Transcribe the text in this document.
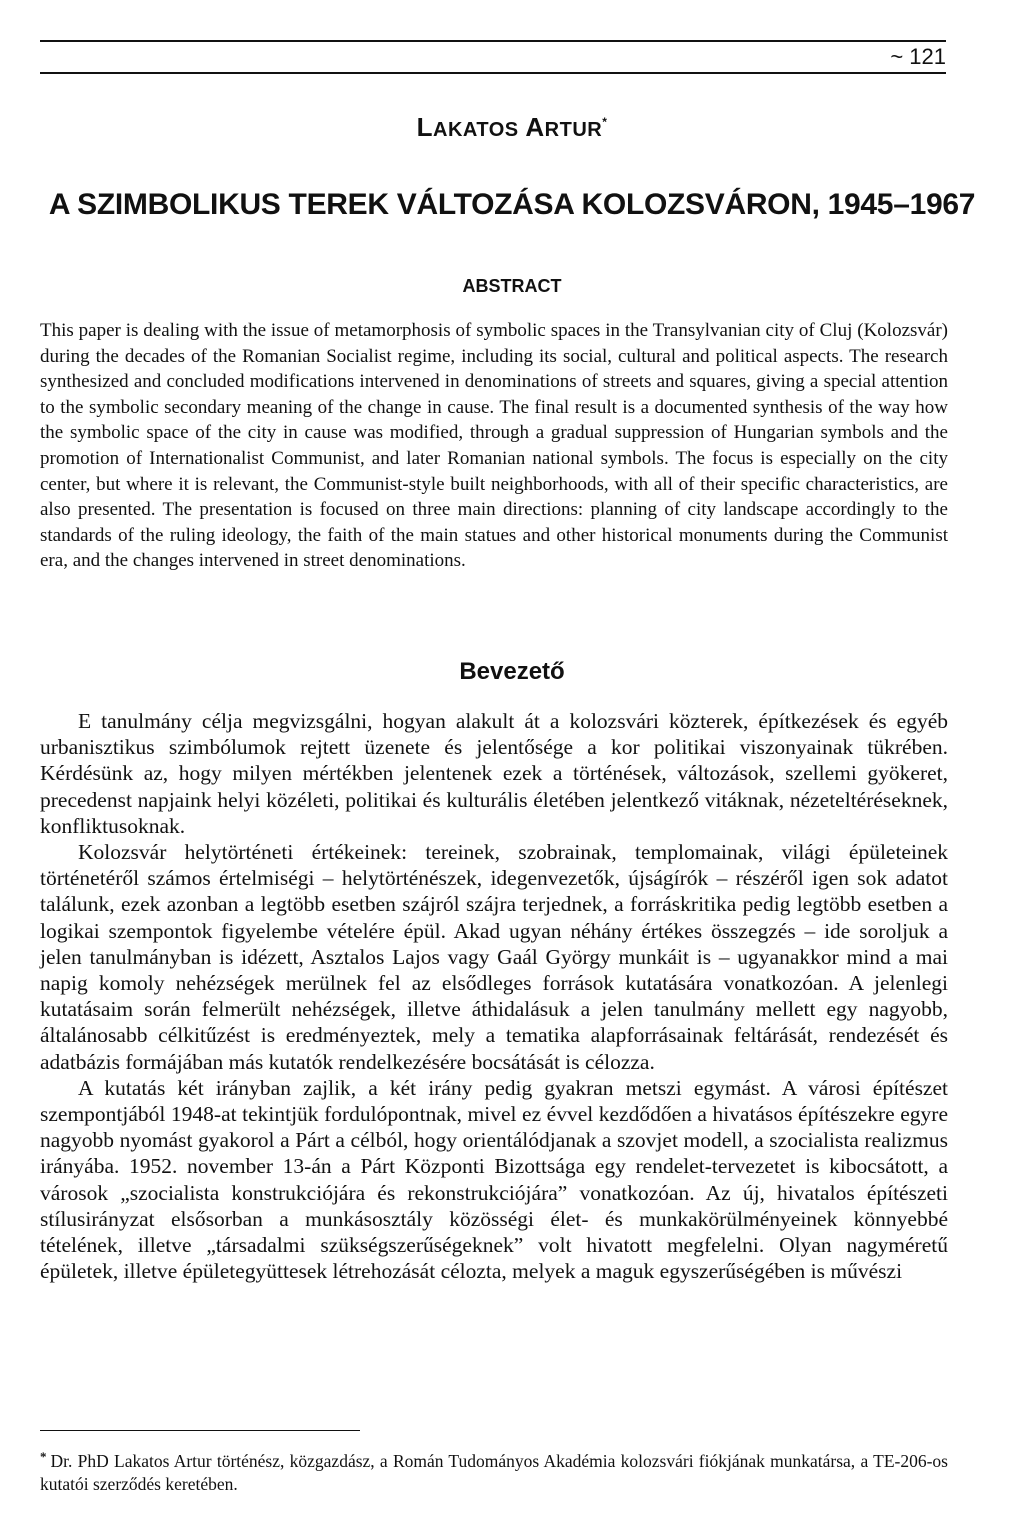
~ 121
LAKATOS ARTUR*
A SZIMBOLIKUS TEREK VÁLTOZÁSA KOLOZSVÁRON, 1945–1967
ABSTRACT

This paper is dealing with the issue of metamorphosis of symbolic spaces in the Transylvanian city of Cluj (Kolozsvár) during the decades of the Romanian Socialist regime, including its social, cultural and political aspects. The research synthesized and concluded modifications intervened in denominations of streets and squares, giving a special attention to the symbolic secondary meaning of the change in cause. The final result is a documented synthesis of the way how the symbolic space of the city in cause was modified, through a gradual suppression of Hungarian symbols and the promotion of Internationalist Communist, and later Romanian national symbols. The focus is especially on the city center, but where it is relevant, the Communist-style built neighborhoods, with all of their specific characteristics, are also presented. The presentation is focused on three main directions: planning of city landscape accordingly to the standards of the ruling ideology, the faith of the main statues and other historical monuments during the Communist era, and the changes intervened in street denominations.

Bevezető

E tanulmány célja megvizsgálni, hogyan alakult át a kolozsvári közterek, építkezések és egyéb urbanisztikus szimbólumok rejtett üzenete és jelentősége a kor politikai viszonyainak tükrében. Kérdésünk az, hogy milyen mértékben jelentenek ezek a történések, változások, szellemi gyökeret, precedenst napjaink helyi közéleti, politikai és kulturális életében jelentkező vitáknak, nézeteltéréseknek, konfliktusoknak.

Kolozsvár helytörténeti értékeinek: tereinek, szobrainak, templomainak, világi épületeinek történetéről számos értelmiségi – helytörténészek, idegenvezetők, újságírók – részéről igen sok adatot találunk, ezek azonban a legtöbb esetben szájról szájra terjednek, a forráskritika pedig legtöbb esetben a logikai szempontok figyelembe vételére épül. Akad ugyan néhány értékes összegzés – ide soroljuk a jelen tanulmányban is idézett, Asztalos Lajos vagy Gaál György munkáit is – ugyanakkor mind a mai napig komoly nehézségek merülnek fel az elsődleges források kutatására vonatkozóan. A jelenlegi kutatásaim során felmerült nehézségek, illetve áthidalásuk a jelen tanulmány mellett egy nagyobb, általánosabb célkitűzést is eredményeztek, mely a tematika alapforrásainak feltárását, rendezését és adatbázis formájában más kutatók rendelkezésére bocsátását is célozza.

A kutatás két irányban zajlik, a két irány pedig gyakran metszi egymást. A városi építészet szempontjából 1948-at tekintjük fordulópontnak, mivel ez évvel kezdődően a hivatásos építészekre egyre nagyobb nyomást gyakorol a Párt a célból, hogy orientálódjanak a szovjet modell, a szocialista realizmus irányába. 1952. november 13-án a Párt Központi Bizottsága egy rendelet-tervezetet is kibocsátott, a városok „szocialista konstrukciójára és rekonstrukciójára” vonatkozóan. Az új, hivatalos építészeti stílusirányzat elsősorban a munkásosztály közösségi élet- és munkakörülményeinek könnyebbé tételének, illetve „társadalmi szükségszerűségeknek” volt hivatott megfelelni. Olyan nagyméretű épületek, illetve épületegyüttesek létrehozását célozta, melyek a maguk egyszerűségében is művészi

* Dr. PhD Lakatos Artur történész, közgazdász, a Román Tudományos Akadémia kolozsvári fiókjának munkatársa, a TE-206-os kutatói szerződés keretében.
